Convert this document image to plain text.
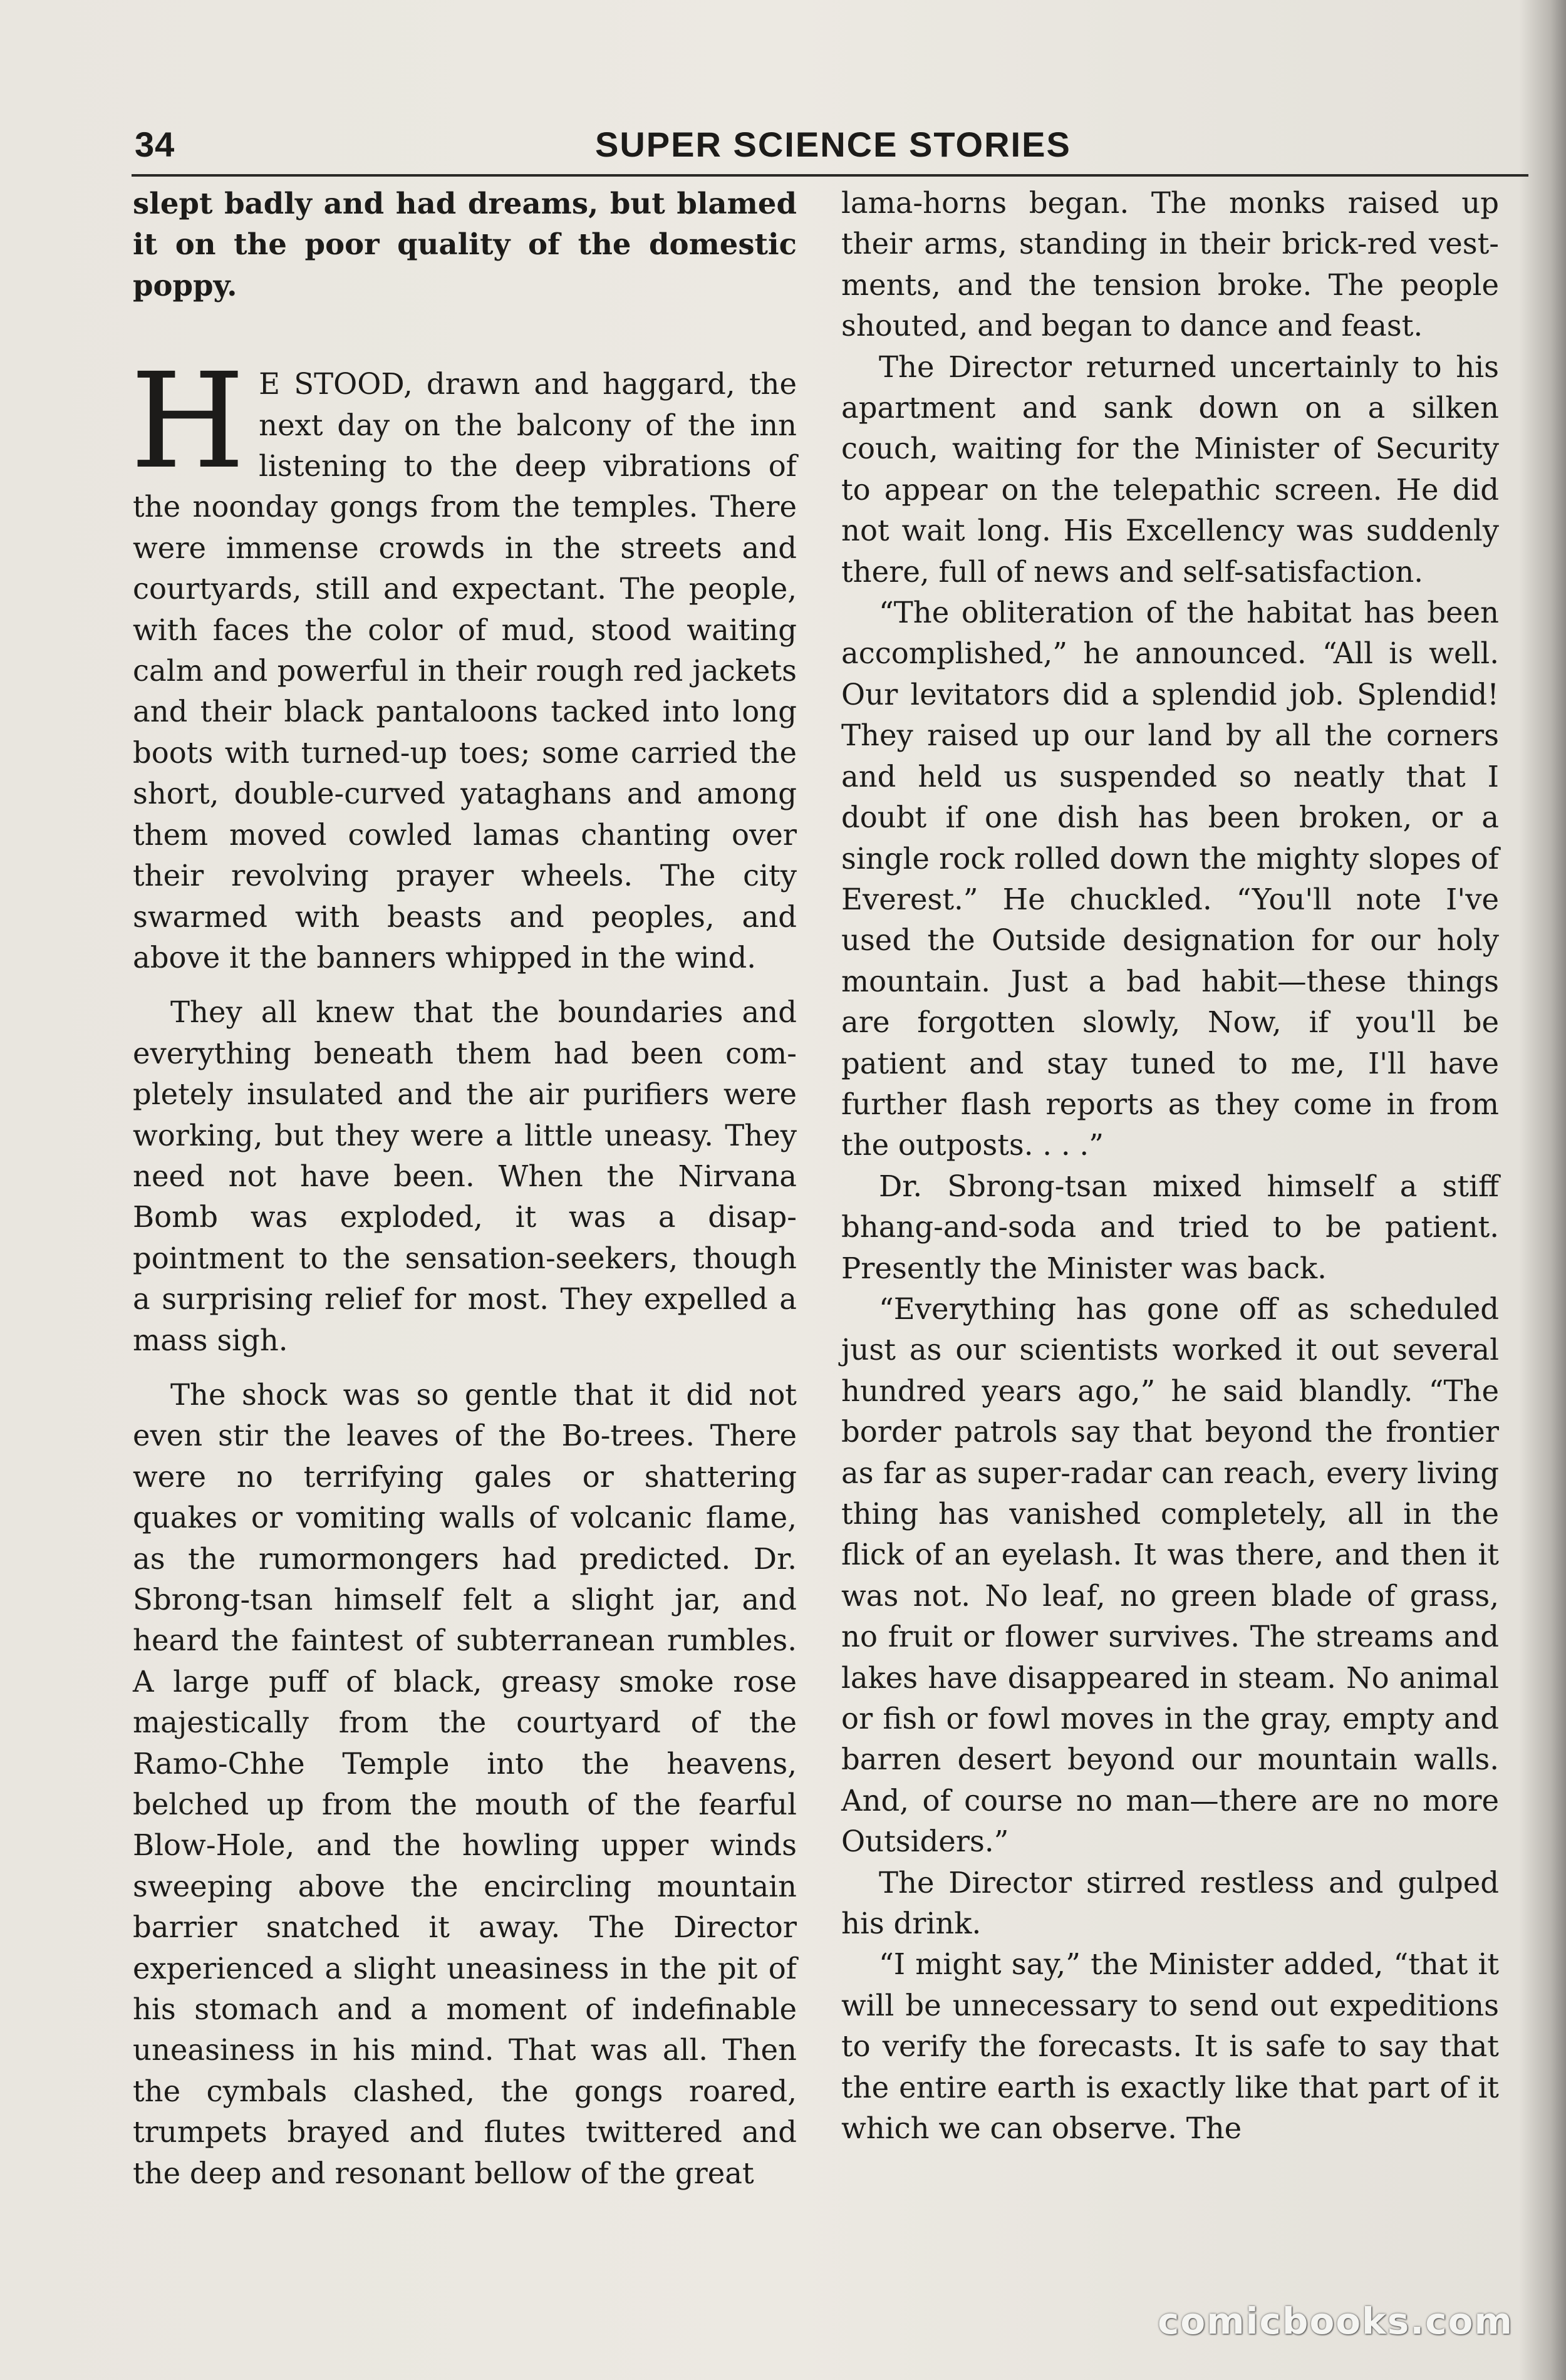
34	SUPER SCIENCE STORIES

slept badly and had dreams, but blamed it on the poor quality of the domestic poppy.

H E STOOD, drawn and haggard, the next day on the balcony of the inn listening to the deep vibrations of the noonday gongs from the temples. There were immense crowds in the streets and courtyards, still and expectant. The people, with faces the color of mud, stood waiting calm and powerful in their rough red jackets and their black pantaloons tacked into long boots with turned-up toes; some carried the short, double-curved yataghans and among them moved cowled lamas chanting over their revolving prayer wheels. The city swarmed with beasts and peoples, and above it the banners whipped in the wind.

They all knew that the boundaries and everything beneath them had been completely insulated and the air purifiers were working, but they were a little uneasy. They need not have been. When the Nirvana Bomb was exploded, it was a disappointment to the sensation-seekers, though a surprising relief for most. They expelled a mass sigh.

The shock was so gentle that it did not even stir the leaves of the Bo-trees. There were no terrifying gales or shattering quakes or vomiting walls of volcanic flame, as the rumormongers had predicted. Dr. Sbrong-tsan himself felt a slight jar, and heard the faintest of subterranean rumbles. A large puff of black, greasy smoke rose majestically from the courtyard of the Ramo-Chhe Temple into the heavens, belched up from the mouth of the fearful Blow-Hole, and the howling upper winds sweeping above the encircling mountain barrier snatched it away. The Director experienced a slight uneasiness in the pit of his stomach and a moment of indefinable uneasiness in his mind. That was all. Then the cymbals clashed, the gongs roared, trumpets brayed and flutes twittered and the deep and resonant bellow of the great

lama-horns began. The monks raised up their arms, standing in their brick-red vestments, and the tension broke. The people shouted, and began to dance and feast.

The Director returned uncertainly to his apartment and sank down on a silken couch, waiting for the Minister of Security to appear on the telepathic screen. He did not wait long. His Excellency was suddenly there, full of news and self-satisfaction.

“The obliteration of the habitat has been accomplished,” he announced. “All is well. Our levitators did a splendid job. Splendid! They raised up our land by all the corners and held us suspended so neatly that I doubt if one dish has been broken, or a single rock rolled down the mighty slopes of Everest.” He chuckled. “You'll note I've used the Outside designation for our holy mountain. Just a bad habit—these things are forgotten slowly, Now, if you'll be patient and stay tuned to me, I'll have further flash reports as they come in from the outposts. . . .”

Dr. Sbrong-tsan mixed himself a stiff bhang-and-soda and tried to be patient. Presently the Minister was back.

“Everything has gone off as scheduled just as our scientists worked it out several hundred years ago,” he said blandly. “The border patrols say that beyond the frontier as far as super-radar can reach, every living thing has vanished completely, all in the flick of an eyelash. It was there, and then it was not. No leaf, no green blade of grass, no fruit or flower survives. The streams and lakes have disappeared in steam. No animal or fish or fowl moves in the gray, empty and barren desert beyond our mountain walls. And, of course no man—there are no more Outsiders.”

The Director stirred restless and gulped his drink.

“I might say,” the Minister added, “that it will be unnecessary to send out expeditions to verify the forecasts. It is safe to say that the entire earth is exactly like that part of it which we can observe. The

comicbooks.com
